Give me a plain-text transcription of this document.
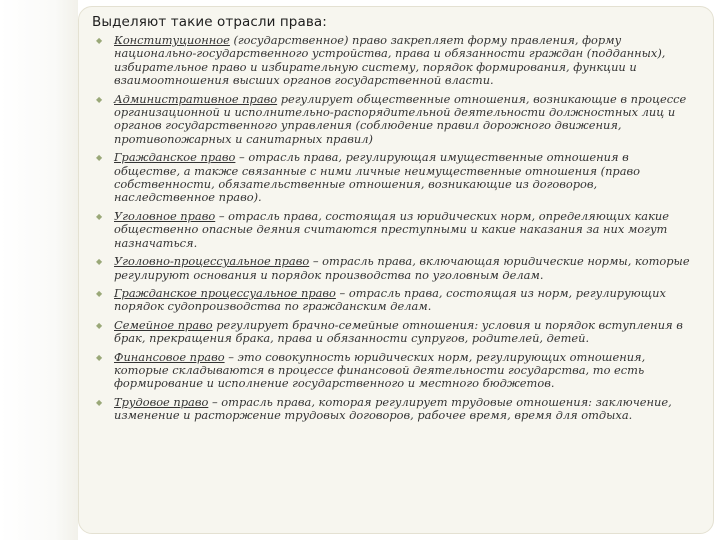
Выделяют такие отрасли права:
◆ Конституционное (государственное) право закрепляет форму правления, форму национально-государственного устройства, права и обязанности граждан (подданных), избирательное право и избирательную систему, порядок формирования, функции и взаимоотношения высших органов государственной власти.
◆ Административное право регулирует общественные отношения, возникающие в процессе организационной и исполнительно-распорядительной деятельности должностных лиц и органов государственного управления (соблюдение правил дорожного движения, противопожарных и санитарных правил)
◆ Гражданское право – отрасль права, регулирующая имущественные отношения в обществе, а также связанные с ними личные неимущественные отношения (право собственности, обязательственные отношения, возникающие из договоров, наследственное право).
◆ Уголовное право – отрасль права, состоящая из юридических норм, определяющих какие общественно опасные деяния считаются преступными и какие наказания за них могут назначаться.
◆ Уголовно-процессуальное право – отрасль права, включающая юридические нормы, которые регулируют основания и порядок производства по уголовным делам.
◆ Гражданское процессуальное право – отрасль права, состоящая из норм, регулирующих порядок судопроизводства по гражданским делам.
◆ Семейное право регулирует брачно-семейные отношения: условия и порядок вступления в брак, прекращения брака, права и обязанности супругов, родителей, детей.
◆ Финансовое право – это совокупность юридических норм, регулирующих отношения, которые складываются в процессе финансовой деятельности государства, то есть формирование и исполнение государственного и местного бюджетов.
◆ Трудовое право – отрасль права, которая регулирует трудовые отношения: заключение, изменение и расторжение трудовых договоров, рабочее время, время для отдыха.
